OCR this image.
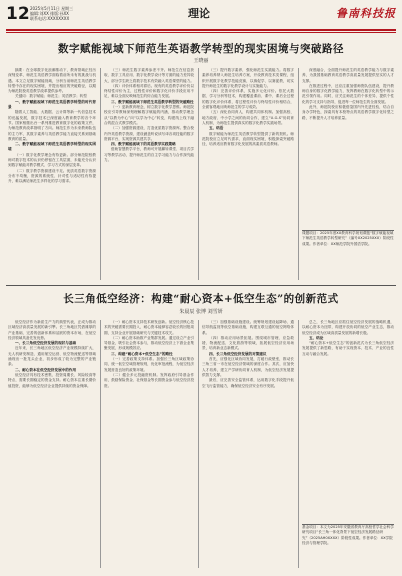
12 2025年5月11日 星期三
编辑:刘XX 排版:孙XX
联系电话:XXXXXXXX	理论	鲁南科技报
数字赋能视域下师范生英语教学转型的现实困境与突破路径
王晓丽

摘要：在全球数字化浪潮推动下，教育领域正经历深刻变革，师范生英语教学面临着前所未有的挑战与机遇。本文立足数字赋能视域，分析当前师范生英语教学转型中存在的现实困境，并提出相应的突破路径，以期为师范院校英语教学改革提供参考。

关键词：数字赋能；师范生；英语教学；转型

一、数字赋能视域下师范生英语教学转型的时代背景

随着人工智能、大数据、云计算等新一代信息技术的迅猛发展，数字技术已深度融入教育教学的各个环节。国家相继出台一系列推进教育数字化的政策文件，为师范教育改革指明了方向。师范生作为未来教师队伍的主力军，其数字素养与英语教学能力直接关系到基础教育的质量。

二、数字赋能视域下师范生英语教学转型的现实困境

（一）数字化教学理念有待更新。部分师范院校教师对数字技术的认识仍停留在工具层面，未能充分认识到数字赋能对教学模式、学习方式的深层变革。

（二）数字教学资源建设不足。优质英语数字资源分布不均衡，资源的系统性、针对性与适切性有待提升，难以满足师范生多样化的学习需求。

（三）师范生数字素养参差不齐。师范生在信息获取、数字工具应用、数字化教学设计等方面的能力差异较大，部分学生缺乏将数字技术有效融入英语课堂的能力。

（四）评价体系相对滞后。现有的英语教学评价仍以终结性评价为主，过程性评价和数字化评价手段应用不足，难以全面反映师范生的综合能力发展。

三、数字赋能视域下师范生英语教学转型的突破路径

（一）更新教育理念，树立数字化教学思维。师范院校应引导教师深刻理解数字赋能的内涵，推动教学理念从“以教为中心”向“以学为中心”转变，构建线上线下融合的混合式教学模式。

（二）加强资源建设，打造优质数字资源库。整合校内外英语教学资源，建设涵盖听说读写译各项技能的数字资源平台，实现资源共建共享。

四、数字赋能视域下的英语教学实践策略

借助智慧教学平台，教师可开展翻转课堂、项目式学习等教学活动，提升师范生的自主学习能力与合作探究能力。

（三）提升数字素养，强化师范生实践能力。将数字素养培养纳入师范生培养方案，开设教育技术类课程，组织开展数字化教学技能竞赛，以赛促学、以赛促教，切实提升师范生的数字化教学设计与实施能力。

（四）完善评价体系，实施多元化评价。依托大数据、学习分析等技术，构建覆盖课前、课中、课后全过程的数字化评价体系，将过程性评价与终结性评价相结合，全面客观地反映师范生的学习成效。

（五）深化协同育人，构建共同体机制。加强高校、地方政府、中小学之间的协同合作，建立“U-G-S”协同育人机制，为师范生提供真实的数字化教学实践场景。

五、结语

数字赋能为师范生英语教学转型提供了新的契机。师范院校应立足时代需求，直面现实困境，积极探索突破路径，培养适应教育数字化发展的高素质英语教师。

深度融合，全面提升师范生的英语教学能力与数字素养，为我国基础教育英语教学高质量发展提供坚实的人才支撑。

在推进过程中，还应注重加强师资队伍建设，提升教师自身的数字化教学能力，发挥教师在数字化转型中的示范引领作用。同时，应关注师范生的个体差异，提供个性化的学习支持与指导，促进每一位师范生的全面发展。

此外，师范院校应积极借鉴国内外先进经验，结合自身办学特色，探索具有本校特点的英语教学数字化转型之路，不断提升人才培养质量。

课题项目：2025年度XX教育科学规划课题“数字赋能视域下师范生英语教学转型研究”（编号XX2025XXX）阶段性成果。作者单位：XX师范学院外国语学院。
长三角低空经济：构建“耐心资本+低空生态”的创新范式
朱晨辰 张博 刘雪妍

低空经济作为新质生产力的典型代表，正成为推动区域经济高质量发展的新引擎。长三角地区凭借雄厚的产业基础、完善的创新体系和活跃的资本市场，在低空经济领域具备先发优势。

一、长三角低空经济发展的现状与基础

近年来，长三角地区低空经济产业规模持续扩大，无人机研发制造、通用航空运营、低空物流配送等领域涌现出一批龙头企业，初步形成了较为完整的产业链条。

二、耐心资本在低空经济发展中的作用

低空经济具有技术密集、投资周期长、风险较高等特点，需要长期稳定的资金支持。耐心资本注重长期价值投资，能够为低空经济企业提供持续的资金保障。

（一）耐心资本支持技术研发创新。低空经济核心技术的突破需要长期投入，耐心资本能够容忍较长的回报周期，支持企业开展基础研究与关键技术攻关。

（二）耐心资本助推产业集群发展。通过设立产业引导基金，吸引社会资本参与，推动低空经济上下游企业集聚发展，形成规模效应。

三、构建“耐心资本+低空生态”的路径

（一）完善政策支持体系。加强长三角区域政策协同，统一低空空域管理规则，优化审批流程，为低空经济发展营造良好的政策环境。

（二）健全多元投融资机制。发挥政府引导基金作用，鼓励保险资金、社保基金等长期资金参与低空经济投资。

（三）加强基础设施建设。统筹规划建设起降场、通信导航监视等低空基础设施，构建互联互通的低空网络体系。

（四）推动应用场景拓展。围绕城市管理、应急救援、物流配送、文化旅游等领域，拓展低空经济应用场景，培育新业态新模式。

四、长三角低空经济发展的对策建议

首先，应强化区域协同发展，打破行政壁垒，推动长三角三省一市在低空经济领域的深度合作。其次，应加快人才培养，建立产学研协同育人机制，为低空经济发展提供智力支撑。

最后，应完善安全监管体系，运用数字化手段提升低空飞行监管能力，确保低空经济安全有序发展。

总之，长三角地区应抓住低空经济发展的战略机遇，以耐心资本为纽带，构建开放协同的低空产业生态，推动低空经济成为区域高质量发展的新增长极。

五、结论

“耐心资本+低空生态”的创新范式为长三角低空经济发展提供了新思路，有助于实现资本、技术、产业的良性互动与融合发展。

基金项目：本文为2025年安徽省教育厅高校哲学社会科学研究项目“长三角一体化背景下低空经济发展路径研究”（2025AH0XXXX）阶段性成果。作者单位：XX学院经济与管理学院。
